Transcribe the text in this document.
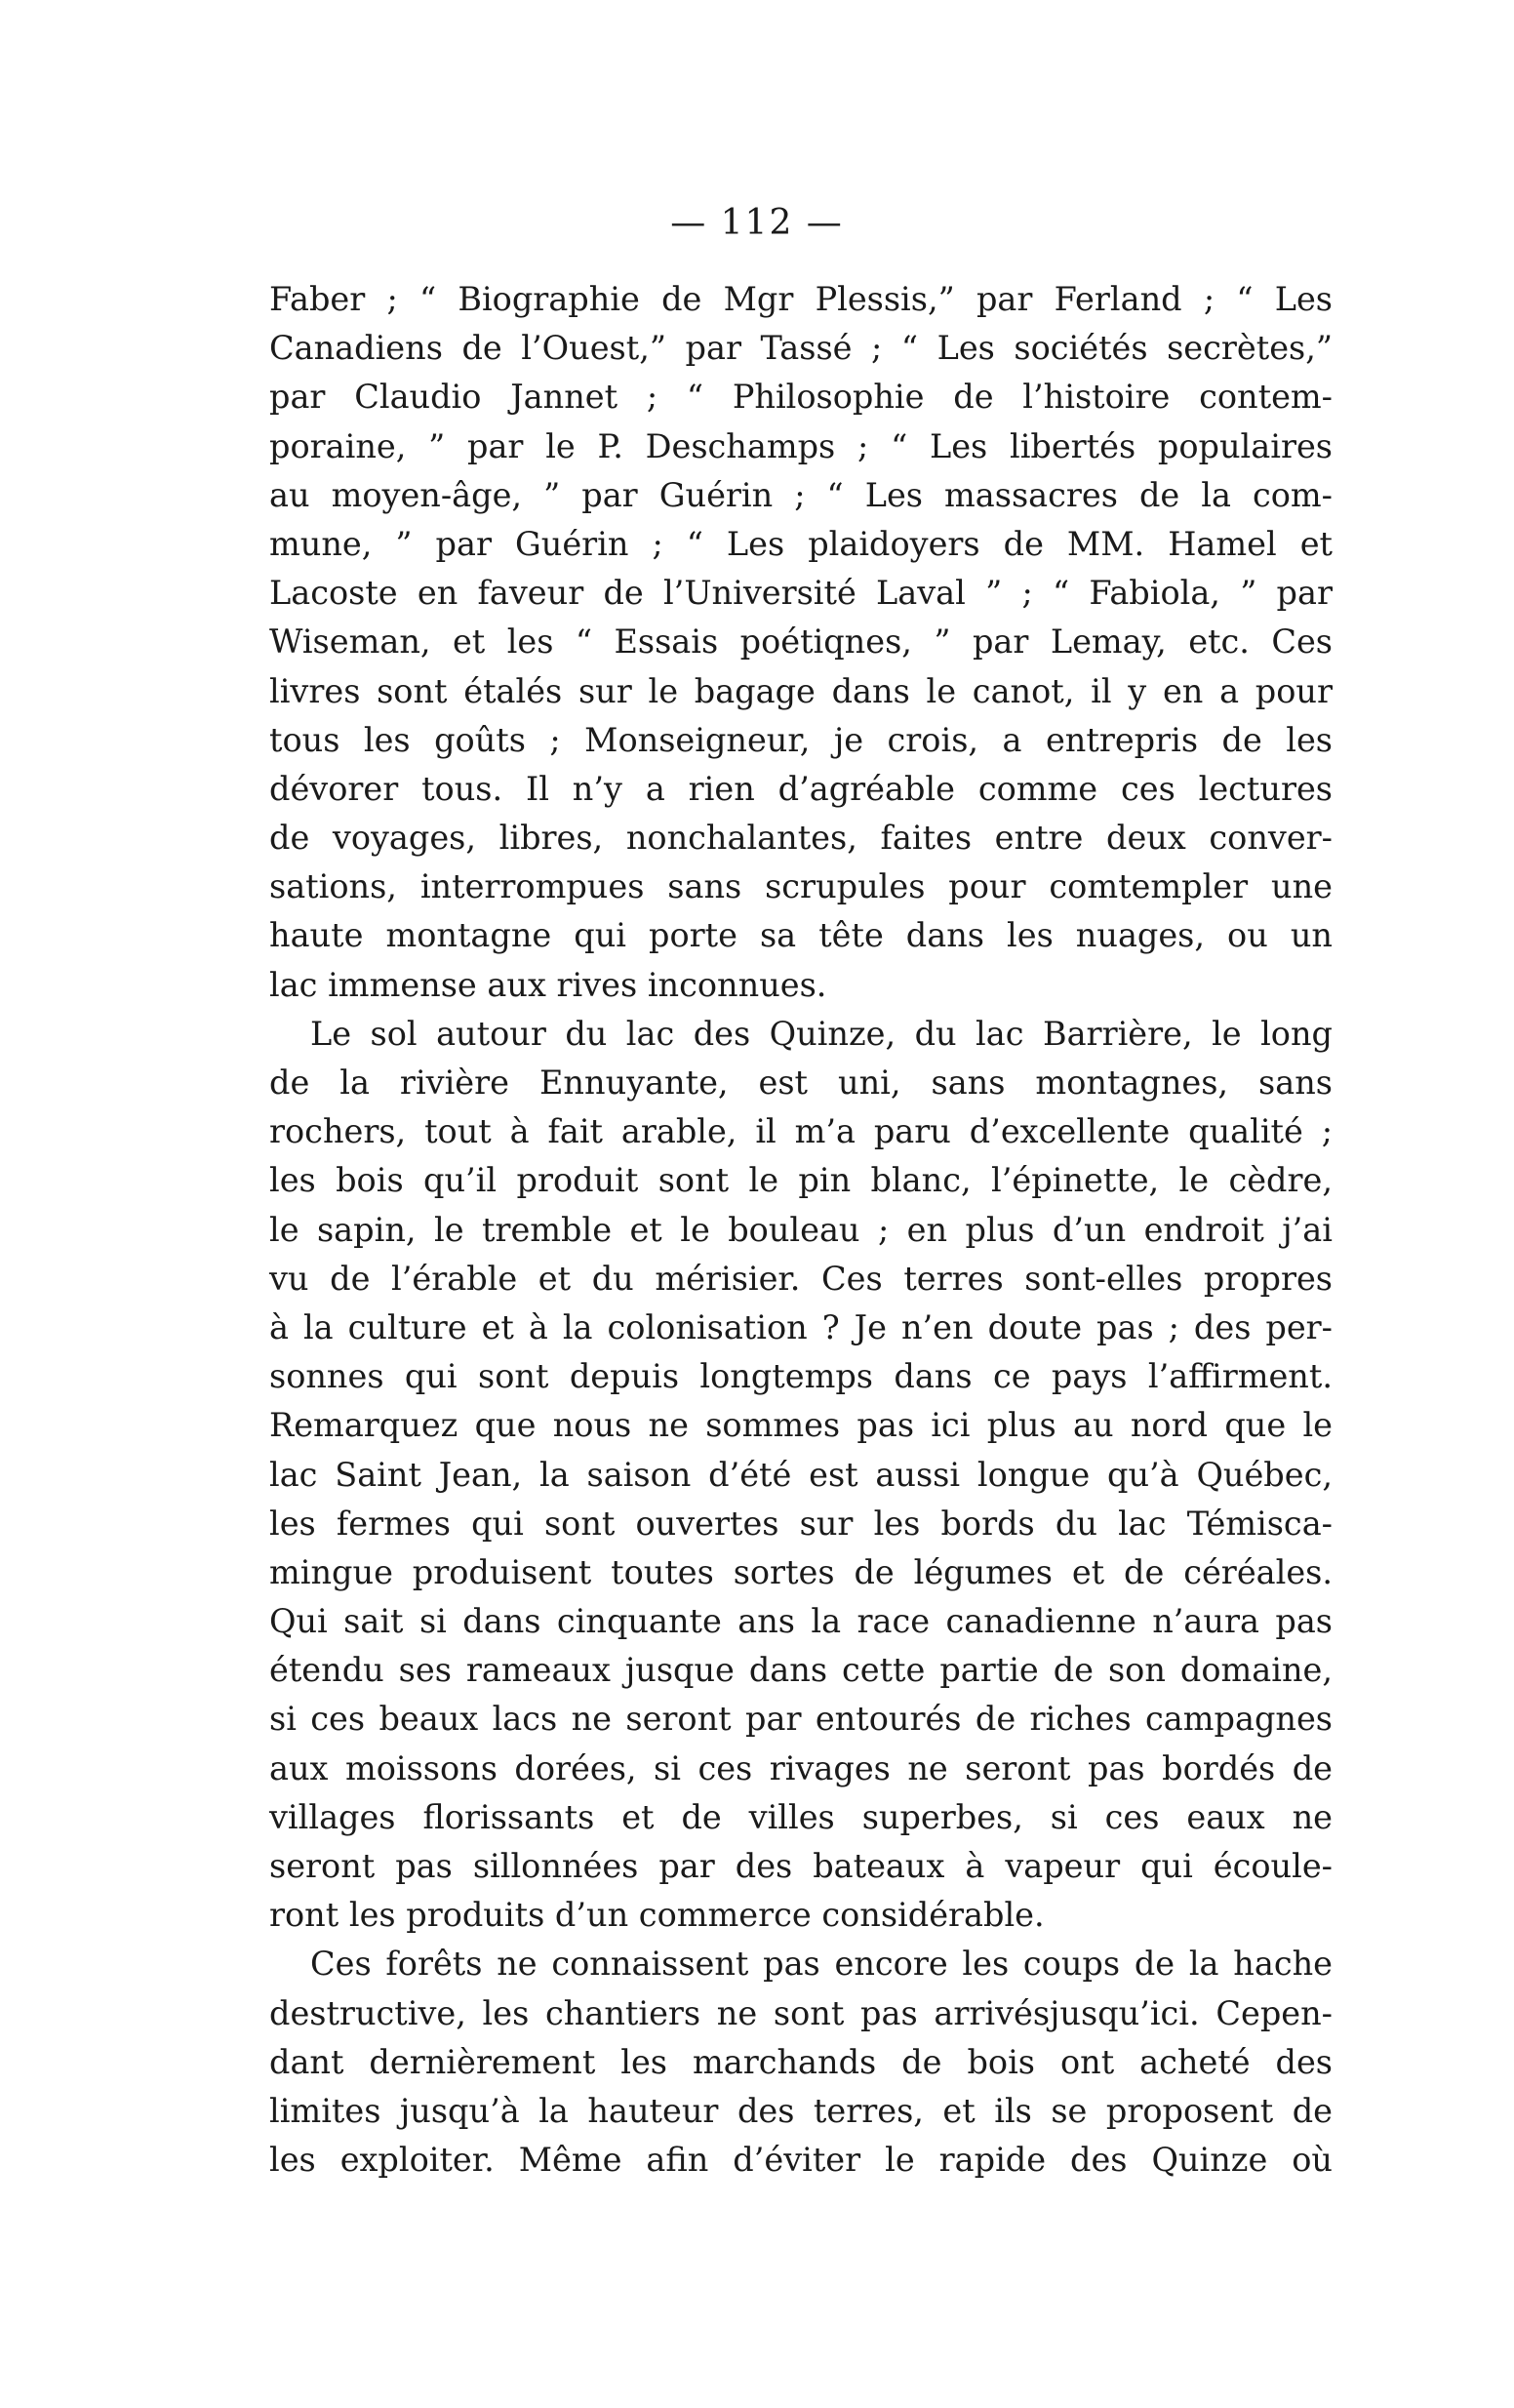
— 112 —
Faber ; “ Biographie de Mgr Plessis,” par Ferland ; “ Les
Canadiens de l’Ouest,” par Tassé ; “ Les sociétés secrètes,”
par Claudio Jannet ; “ Philosophie de l’histoire contem-
poraine, ” par le P. Deschamps ; “ Les libertés populaires
au moyen-âge, ” par Guérin ; “ Les massacres de la com-
mune, ” par Guérin ; “ Les plaidoyers de MM. Hamel et
Lacoste en faveur de l’Université Laval ” ; “ Fabiola, ” par
Wiseman, et les “ Essais poétiqnes, ” par Lemay, etc. Ces
livres sont étalés sur le bagage dans le canot, il y en a pour
tous les goûts ; Monseigneur, je crois, a entrepris de les
dévorer tous. Il n’y a rien d’agréable comme ces lectures
de voyages, libres, nonchalantes, faites entre deux conver-
sations, interrompues sans scrupules pour comtempler une
haute montagne qui porte sa tête dans les nuages, ou un
lac immense aux rives inconnues.
Le sol autour du lac des Quinze, du lac Barrière, le long
de la rivière Ennuyante, est uni, sans montagnes, sans
rochers, tout à fait arable, il m’a paru d’excellente qualité ;
les bois qu’il produit sont le pin blanc, l’épinette, le cèdre,
le sapin, le tremble et le bouleau ; en plus d’un endroit j’ai
vu de l’érable et du mérisier. Ces terres sont-elles propres
à la culture et à la colonisation ? Je n’en doute pas ; des per-
sonnes qui sont depuis longtemps dans ce pays l’affirment.
Remarquez que nous ne sommes pas ici plus au nord que le
lac Saint Jean, la saison d’été est aussi longue qu’à Québec,
les fermes qui sont ouvertes sur les bords du lac Témisca-
mingue produisent toutes sortes de légumes et de céréales.
Qui sait si dans cinquante ans la race canadienne n’aura pas
étendu ses rameaux jusque dans cette partie de son domaine,
si ces beaux lacs ne seront par entourés de riches campagnes
aux moissons dorées, si ces rivages ne seront pas bordés de
villages florissants et de villes superbes, si ces eaux ne
seront pas sillonnées par des bateaux à vapeur qui écoule-
ront les produits d’un commerce considérable.
Ces forêts ne connaissent pas encore les coups de la hache
destructive, les chantiers ne sont pas arrivésjusqu’ici. Cepen-
dant dernièrement les marchands de bois ont acheté des
limites jusqu’à la hauteur des terres, et ils se proposent de
les exploiter. Même afin d’éviter le rapide des Quinze où
